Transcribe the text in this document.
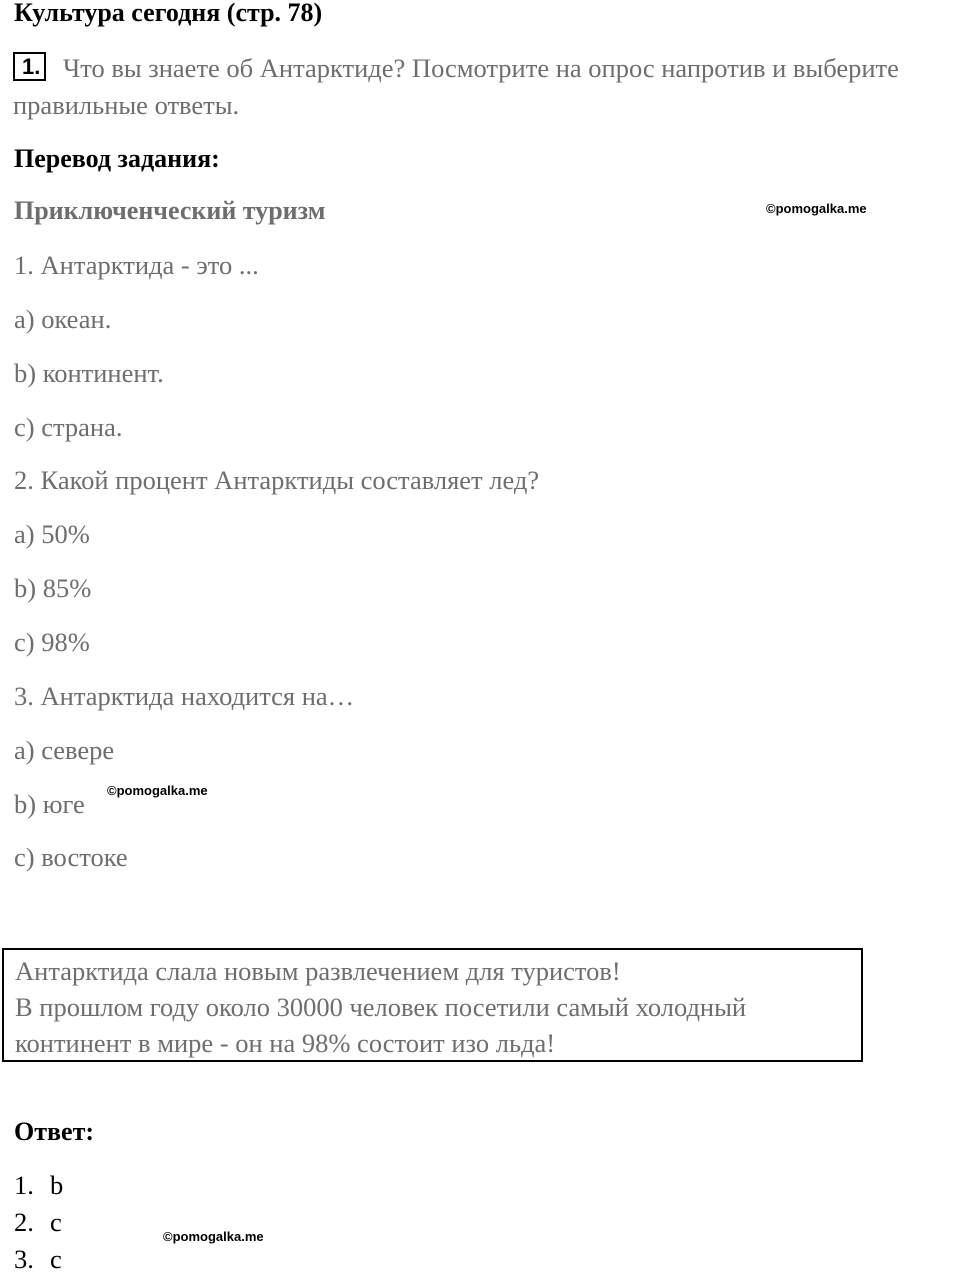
Культура сегодня (стр. 78)
Что вы знаете об Антарктиде? Посмотрите на опрос напротив и выберите правильные ответы.
1.
Перевод задания:
Приключенческий туризм	©pomogalka.me
1. Антарктида - это ...
a) океан.
b) континент.
c) страна.
2. Какой процент Антарктиды составляет лед?
a) 50%
b) 85%
c) 98%
3. Антарктида находится на…
a) севере
b) юге ©pomogalka.me
c) востоке
Антарктида слала новым развлечением для туристов!
В прошлом году около 30000 человек посетили самый холодный
континент в мире - он на 98% состоит изо льда!
Ответ:
1. b
2. c
3. c
©pomogalka.me
